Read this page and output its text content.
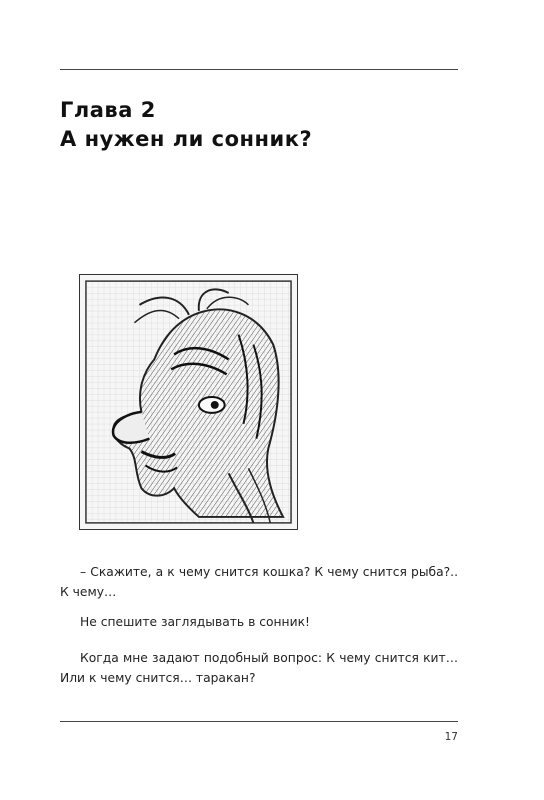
Глава 2
А нужен ли сонник?

– Скажите, а к чему снится кошка? К чему снится рыба?.. К чему…

Не спешите заглядывать в сонник!

Когда мне задают подобный вопрос: К чему снится кит… Или к чему снится… таракан?

17
